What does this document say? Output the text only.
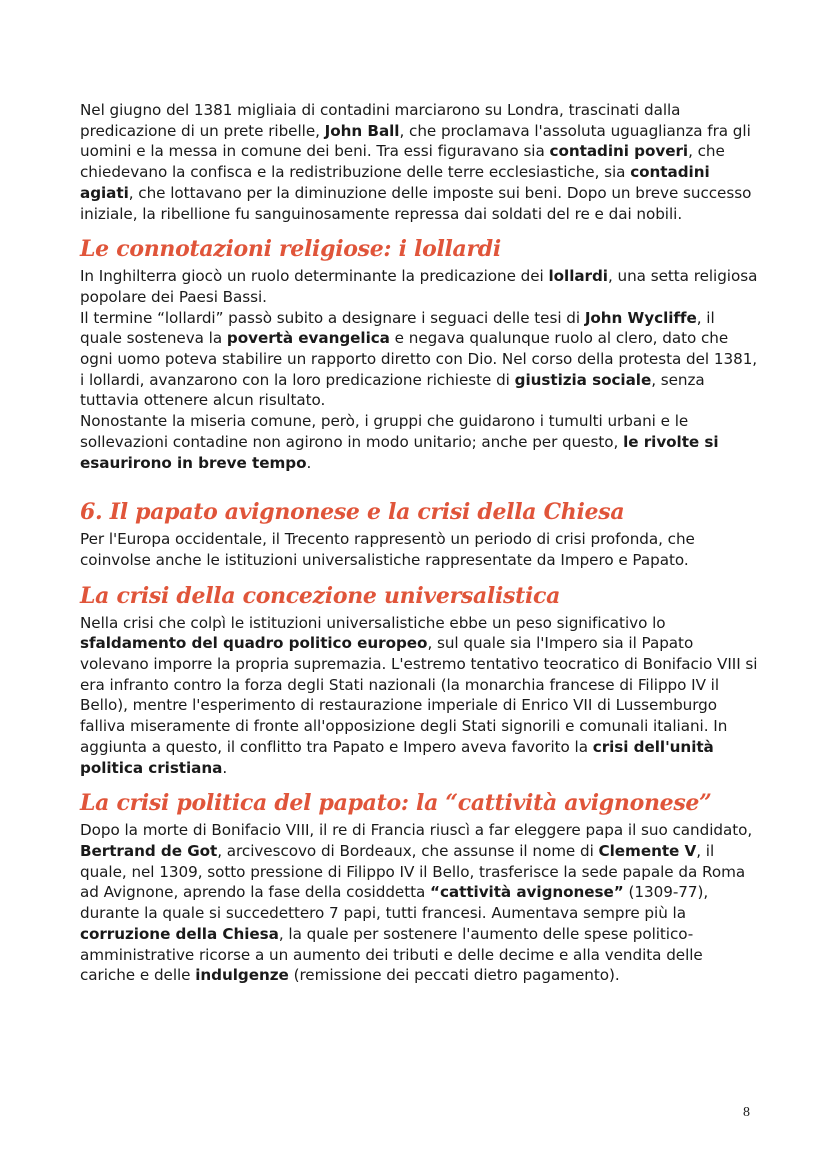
Nel giugno del 1381 migliaia di contadini marciarono su Londra, trascinati dalla predicazione di un prete ribelle, John Ball, che proclamava l'assoluta uguaglianza fra gli uomini e la messa in comune dei beni. Tra essi figuravano sia contadini poveri, che chiedevano la confisca e la redistribuzione delle terre ecclesiastiche, sia contadini agiati, che lottavano per la diminuzione delle imposte sui beni. Dopo un breve successo iniziale, la ribellione fu sanguinosamente repressa dai soldati del re e dai nobili.

Le connotazioni religiose: i lollardi

In Inghilterra giocò un ruolo determinante la predicazione dei lollardi, una setta religiosa popolare dei Paesi Bassi.
Il termine “lollardi” passò subito a designare i seguaci delle tesi di John Wycliffe, il quale sosteneva la povertà evangelica e negava qualunque ruolo al clero, dato che ogni uomo poteva stabilire un rapporto diretto con Dio. Nel corso della protesta del 1381, i lollardi, avanzarono con la loro predicazione richieste di giustizia sociale, senza tuttavia ottenere alcun risultato.
Nonostante la miseria comune, però, i gruppi che guidarono i tumulti urbani e le sollevazioni contadine non agirono in modo unitario; anche per questo, le rivolte si esaurirono in breve tempo.

6. Il papato avignonese e la crisi della Chiesa

Per l'Europa occidentale, il Trecento rappresentò un periodo di crisi profonda, che coinvolse anche le istituzioni universalistiche rappresentate da Impero e Papato.

La crisi della concezione universalistica

Nella crisi che colpì le istituzioni universalistiche ebbe un peso significativo lo sfaldamento del quadro politico europeo, sul quale sia l'Impero sia il Papato volevano imporre la propria supremazia. L'estremo tentativo teocratico di Bonifacio VIII si era infranto contro la forza degli Stati nazionali (la monarchia francese di Filippo IV il Bello), mentre l'esperimento di restaurazione imperiale di Enrico VII di Lussemburgo falliva miseramente di fronte all'opposizione degli Stati signorili e comunali italiani. In aggiunta a questo, il conflitto tra Papato e Impero aveva favorito la crisi dell'unità politica cristiana.

La crisi politica del papato: la “cattività avignonese”

Dopo la morte di Bonifacio VIII, il re di Francia riuscì a far eleggere papa il suo candidato, Bertrand de Got, arcivescovo di Bordeaux, che assunse il nome di Clemente V, il quale, nel 1309, sotto pressione di Filippo IV il Bello, trasferisce la sede papale da Roma ad Avignone, aprendo la fase della cosiddetta “cattività avignonese” (1309-77), durante la quale si succedettero 7 papi, tutti francesi. Aumentava sempre più la corruzione della Chiesa, la quale per sostenere l'aumento delle spese politico-amministrative ricorse a un aumento dei tributi e delle decime e alla vendita delle cariche e delle indulgenze (remissione dei peccati dietro pagamento).

8
